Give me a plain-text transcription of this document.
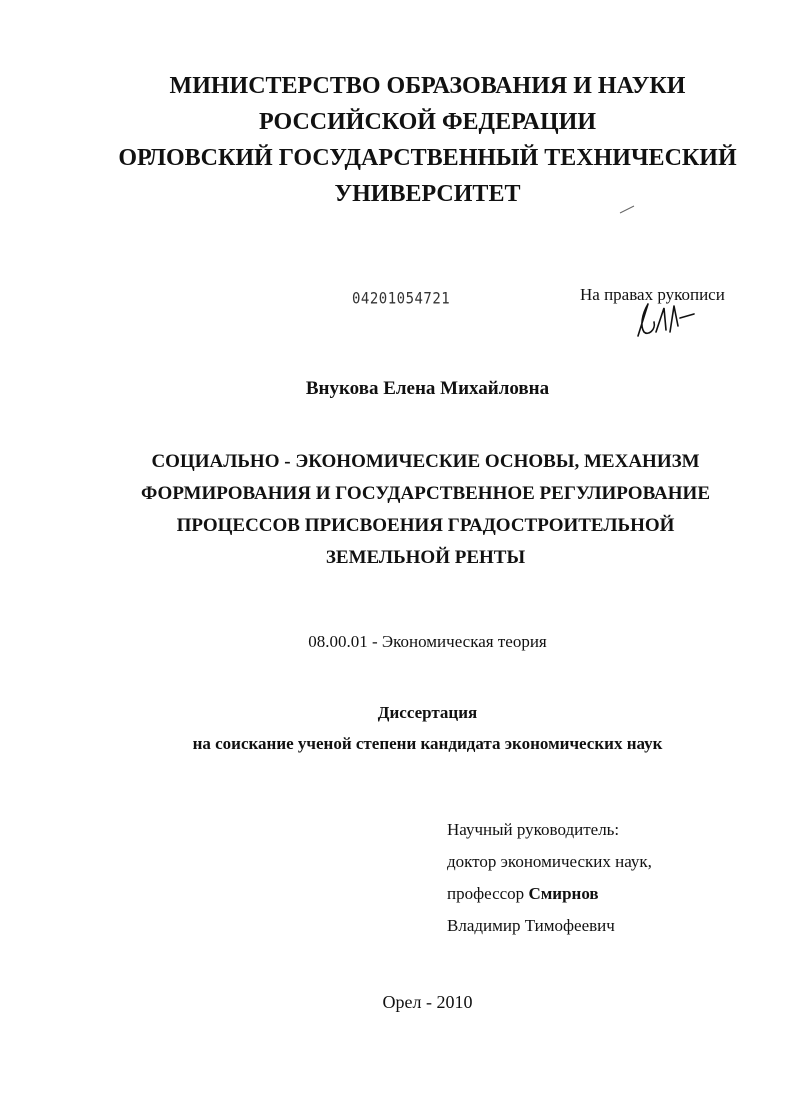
МИНИСТЕРСТВО ОБРАЗОВАНИЯ И НАУКИ
РОССИЙСКОЙ ФЕДЕРАЦИИ
ОРЛОВСКИЙ ГОСУДАРСТВЕННЫЙ ТЕХНИЧЕСКИЙ
УНИВЕРСИТЕТ
04201054721	На правах рукописи
Внукова Елена Михайловна
СОЦИАЛЬНО - ЭКОНОМИЧЕСКИЕ ОСНОВЫ, МЕХАНИЗМ
ФОРМИРОВАНИЯ И ГОСУДАРСТВЕННОЕ РЕГУЛИРОВАНИЕ
ПРОЦЕССОВ ПРИСВОЕНИЯ ГРАДОСТРОИТЕЛЬНОЙ
ЗЕМЕЛЬНОЙ РЕНТЫ
08.00.01 - Экономическая теория
Диссертация
на соискание ученой степени кандидата экономических наук
Научный руководитель:
доктор экономических наук,
профессор Смирнов
Владимир Тимофеевич
Орел - 2010
